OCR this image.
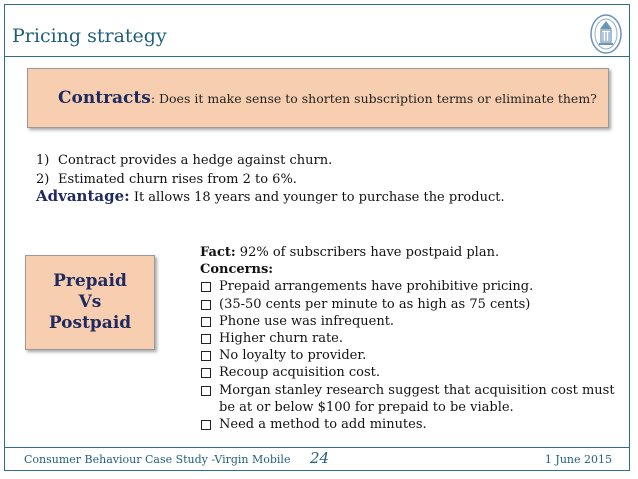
Pricing strategy
Contracts : Does it make sense to shorten subscription terms or eliminate them?
1) Contract provides a hedge against churn.
2) Estimated churn rises from 2 to 6%.
Advantage: It allows 18 years and younger to purchase the product.
Prepaid
Vs
Postpaid
Fact: 92% of subscribers have postpaid plan.
Concerns:
Prepaid arrangements have prohibitive pricing.
(35-50 cents per minute to as high as 75 cents)
Phone use was infrequent.
Higher churn rate.
No loyalty to provider.
Recoup acquisition cost.
Morgan stanley research suggest that acquisition cost must be at or below $100 for prepaid to be viable.
Need a method to add minutes.
Consumer Behaviour Case Study -Virgin Mobile 24	1 June 2015
